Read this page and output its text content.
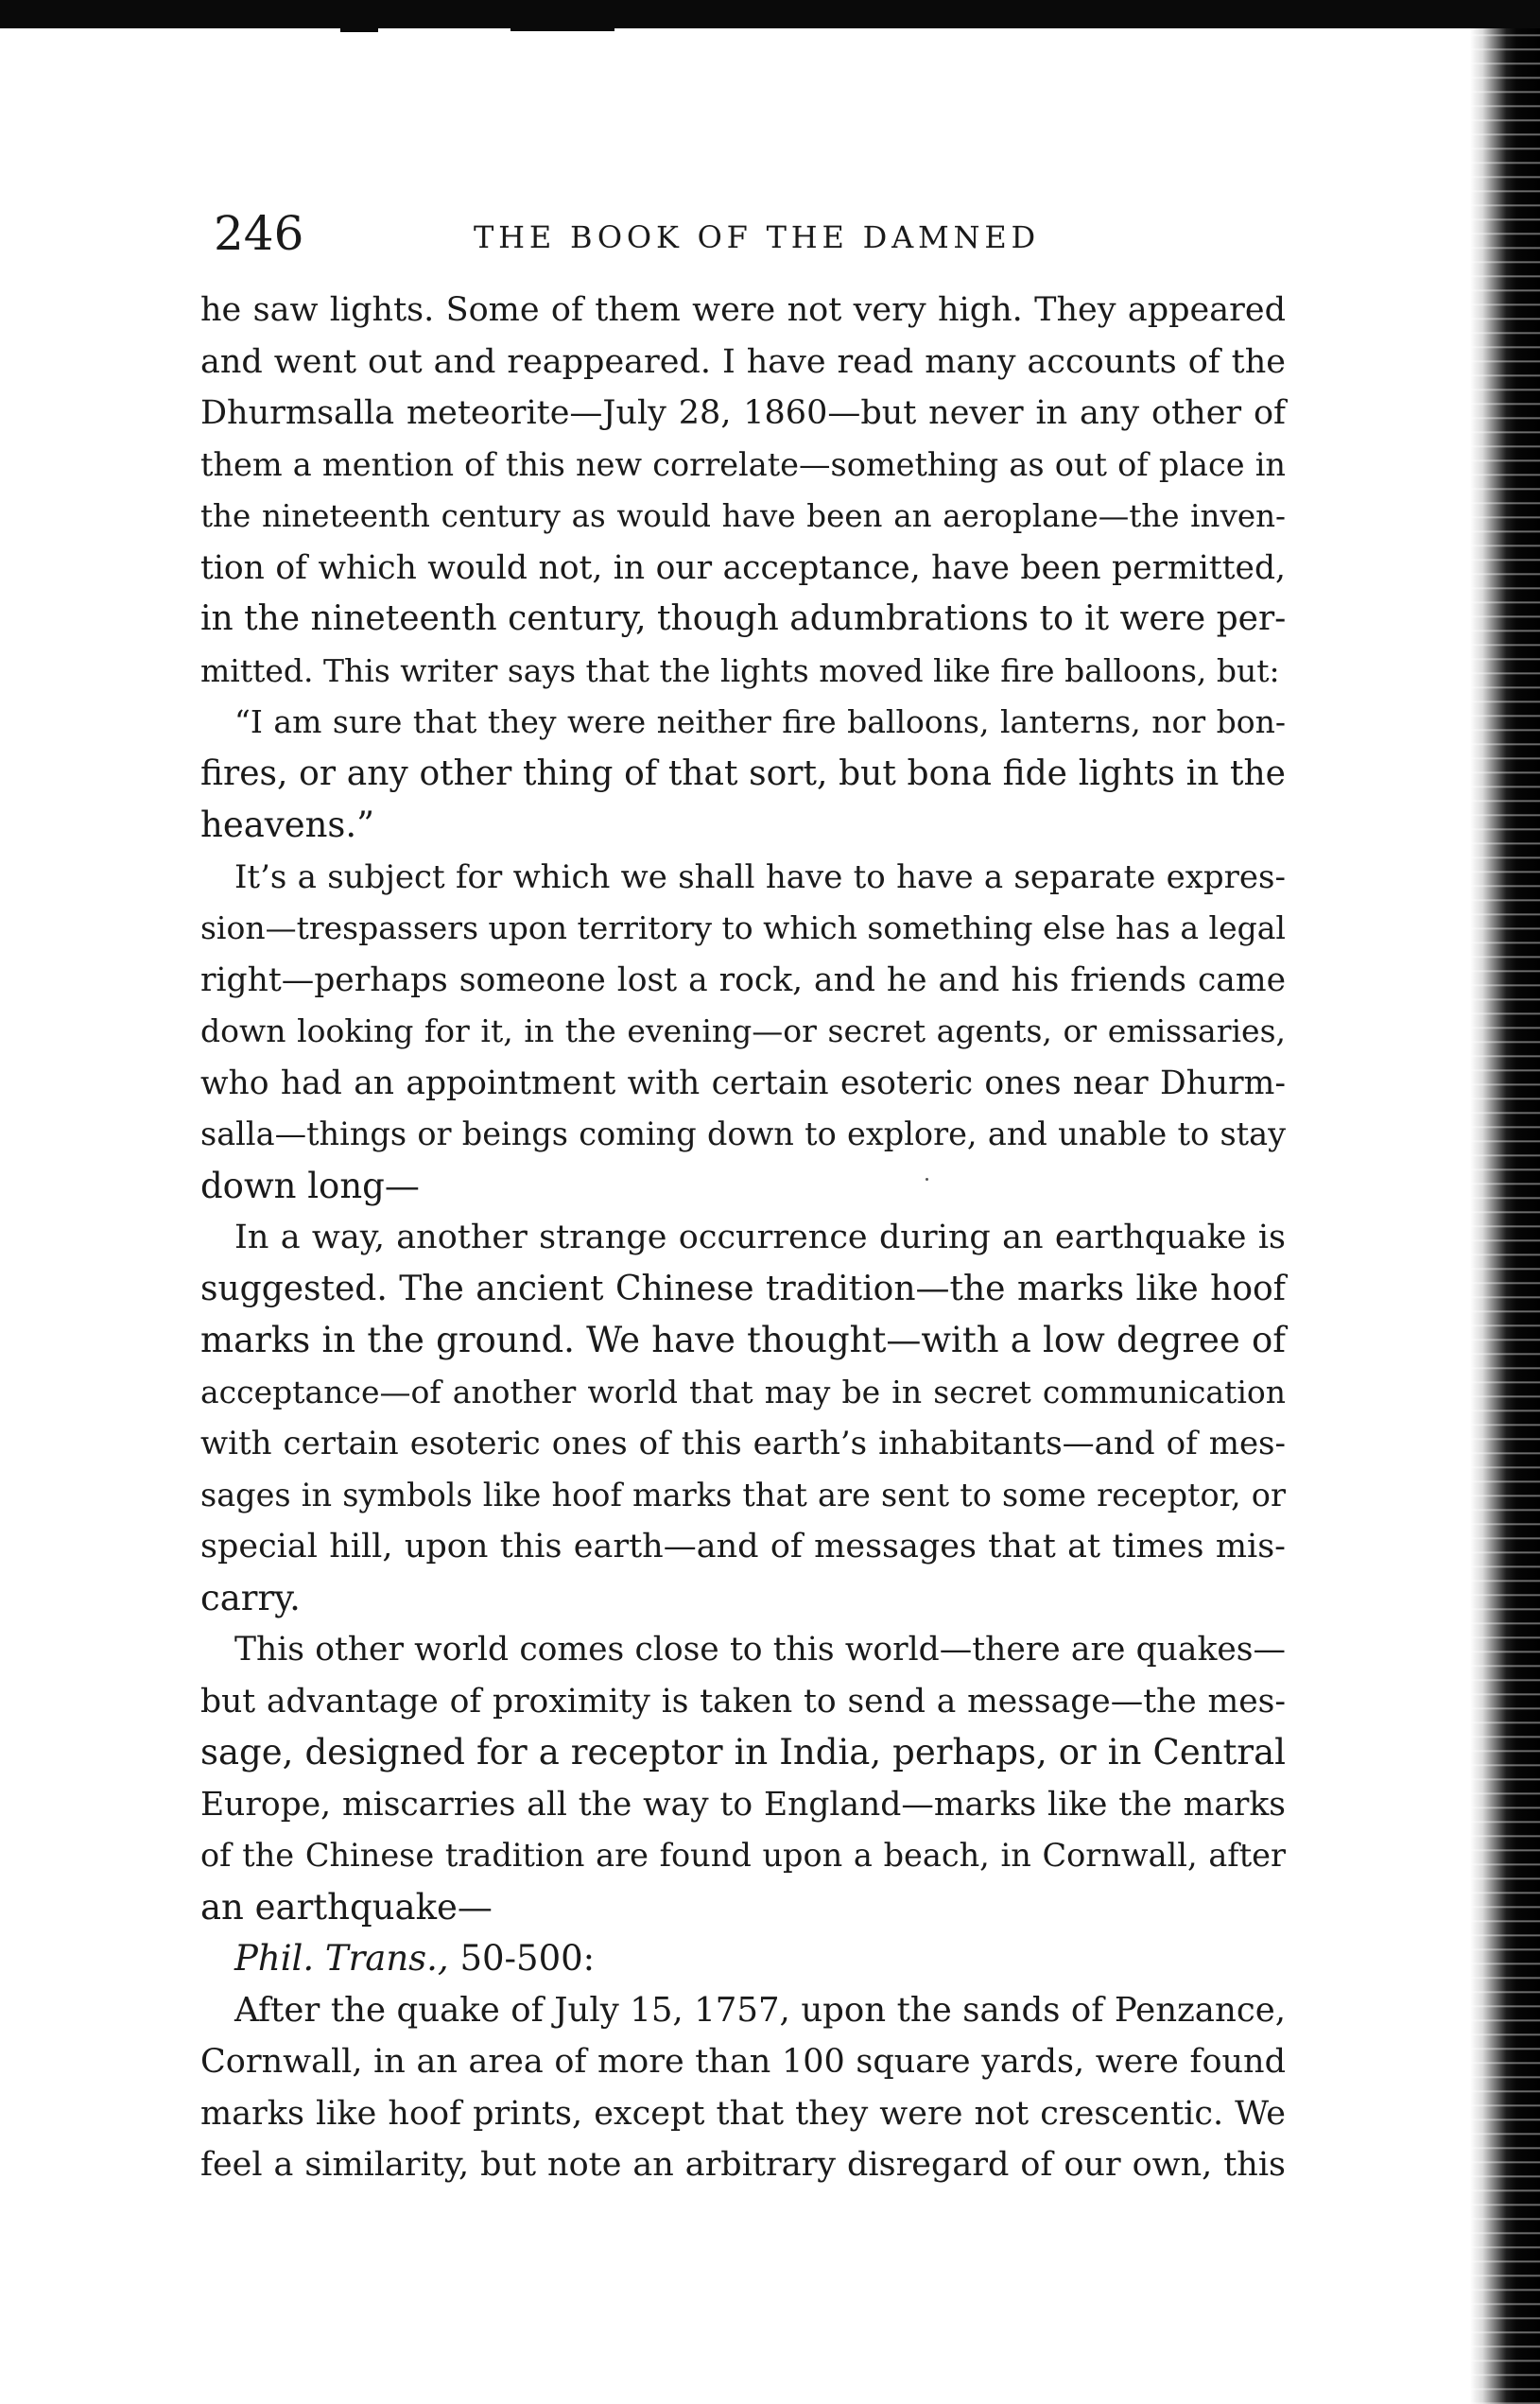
246	THE BOOK OF THE DAMNED
he saw lights. Some of them were not very high. They appeared
and went out and reappeared. I have read many accounts of the
Dhurmsalla meteorite—July 28, 1860—but never in any other of
them a mention of this new correlate—something as out of place in
the nineteenth century as would have been an aeroplane—the inven-
tion of which would not, in our acceptance, have been permitted,
in the nineteenth century, though adumbrations to it were per-
mitted. This writer says that the lights moved like fire balloons, but:
“I am sure that they were neither fire balloons, lanterns, nor bon-
fires, or any other thing of that sort, but bona fide lights in the
heavens.”
It’s a subject for which we shall have to have a separate expres-
sion—trespassers upon territory to which something else has a legal
right—perhaps someone lost a rock, and he and his friends came
down looking for it, in the evening—or secret agents, or emissaries,
who had an appointment with certain esoteric ones near Dhurm-
salla—things or beings coming down to explore, and unable to stay
down long—
In a way, another strange occurrence during an earthquake is
suggested. The ancient Chinese tradition—the marks like hoof
marks in the ground. We have thought—with a low degree of
acceptance—of another world that may be in secret communication
with certain esoteric ones of this earth’s inhabitants—and of mes-
sages in symbols like hoof marks that are sent to some receptor, or
special hill, upon this earth—and of messages that at times mis-
carry.
This other world comes close to this world—there are quakes—
but advantage of proximity is taken to send a message—the mes-
sage, designed for a receptor in India, perhaps, or in Central
Europe, miscarries all the way to England—marks like the marks
of the Chinese tradition are found upon a beach, in Cornwall, after
an earthquake—
Phil. Trans., 50-500:
After the quake of July 15, 1757, upon the sands of Penzance,
Cornwall, in an area of more than 100 square yards, were found
marks like hoof prints, except that they were not crescentic. We
feel a similarity, but note an arbitrary disregard of our own, this
